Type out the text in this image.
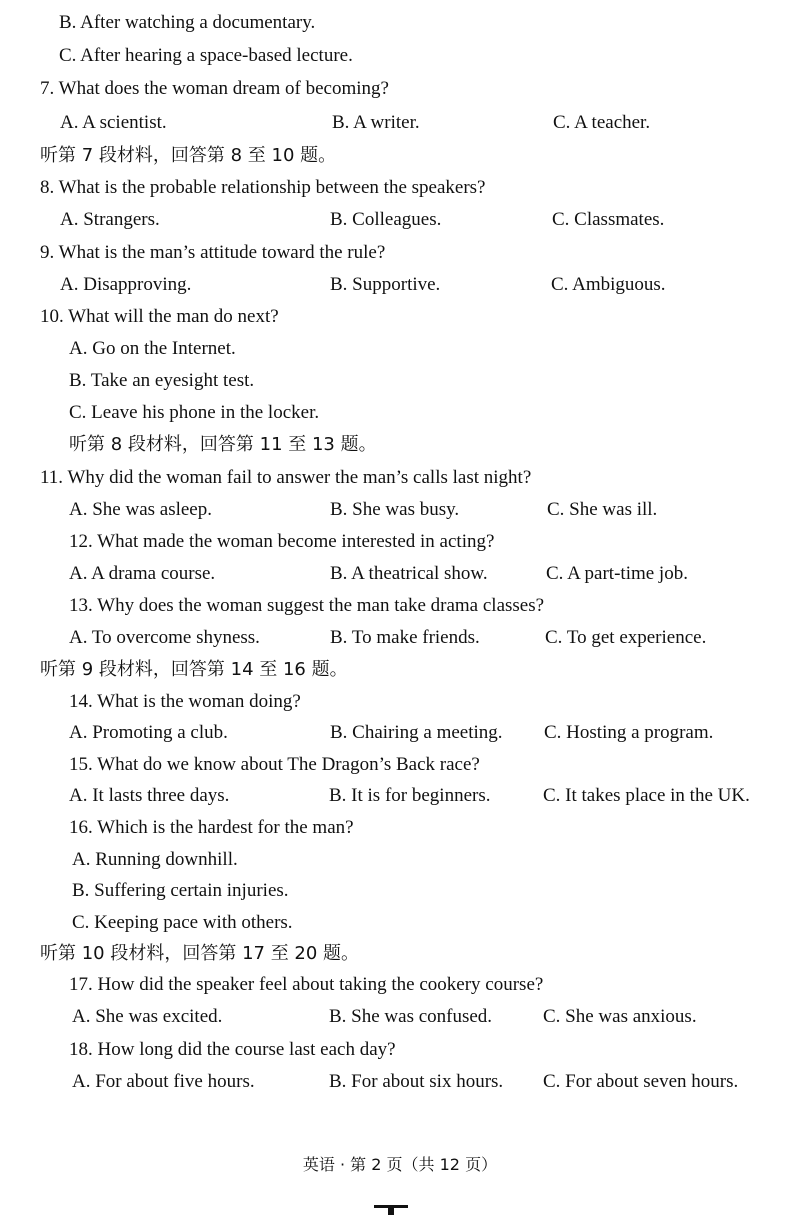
B. After watching a documentary.
C. After hearing a space-based lecture.
7. What does the woman dream of becoming?
A. A scientist.	B. A writer.	C. A teacher.
听第 7 段材料，回答第 8 至 10 题。
8. What is the probable relationship between the speakers?
A. Strangers.	B. Colleagues.	C. Classmates.
9. What is the man’s attitude toward the rule?
A. Disapproving.	B. Supportive.	C. Ambiguous.
10. What will the man do next?
A. Go on the Internet.
B. Take an eyesight test.
C. Leave his phone in the locker.
听第 8 段材料，回答第 11 至 13 题。
11. Why did the woman fail to answer the man’s calls last night?
A. She was asleep.	B. She was busy.	C. She was ill.
12. What made the woman become interested in acting?
A. A drama course.	B. A theatrical show.	C. A part-time job.
13. Why does the woman suggest the man take drama classes?
A. To overcome shyness.	B. To make friends.	C. To get experience.
听第 9 段材料，回答第 14 至 16 题。
14. What is the woman doing?
A. Promoting a club.	B. Chairing a meeting. C. Hosting a program.
15. What do we know about The Dragon’s Back race?
A. It lasts three days.	B. It is for beginners.	C. It takes place in the UK.
16. Which is the hardest for the man?
A. Running downhill.
B. Suffering certain injuries.
C. Keeping pace with others.
听第 10 段材料，回答第 17 至 20 题。
17. How did the speaker feel about taking the cookery course?
A. She was excited.	B. She was confused.	C. She was anxious.
18. How long did the course last each day?
A. For about five hours.	B. For about six hours. C. For about seven hours.
英语 · 第 2 页（共 12 页）
